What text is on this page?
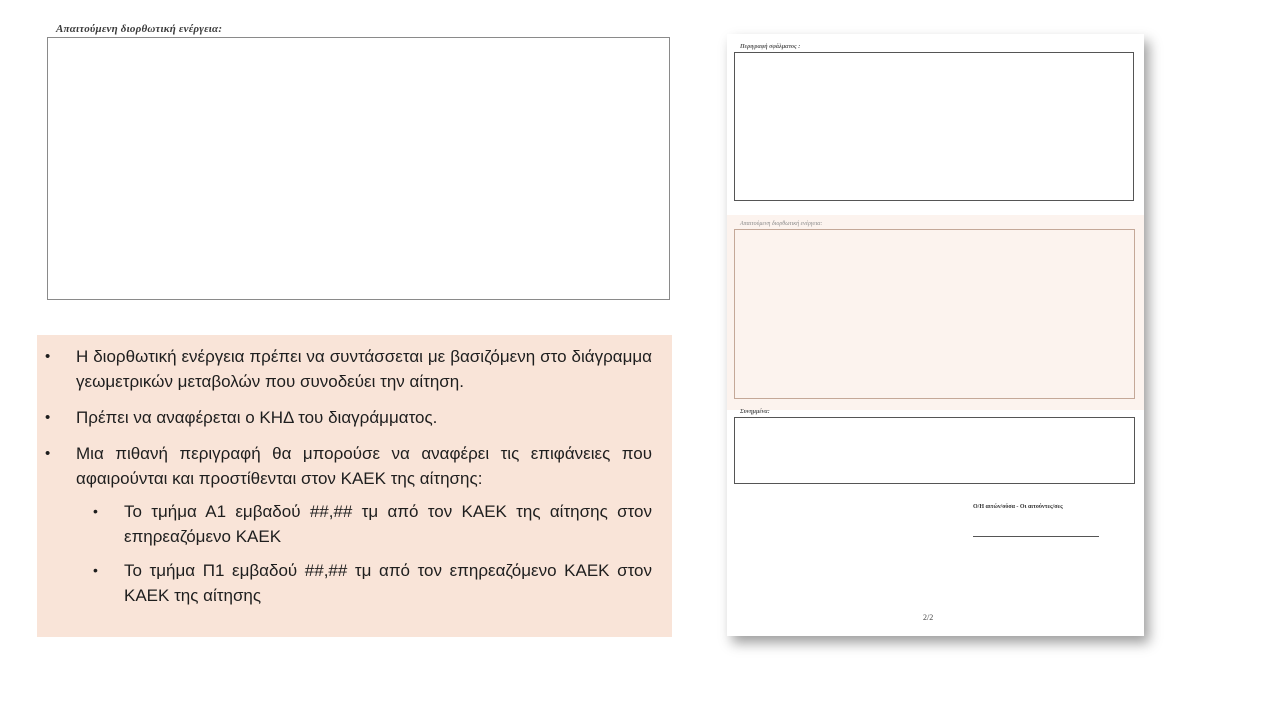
Απαιτούμενη διορθωτική ενέργεια:
• Η διορθωτική ενέργεια πρέπει να συντάσσεται με βασιζόμενη στο διάγραμμα γεωμετρικών μεταβολών που συνοδεύει την αίτηση.
• Πρέπει να αναφέρεται ο ΚΗΔ του διαγράμματος.
• Μια πιθανή περιγραφή θα μπορούσε να αναφέρει τις επιφάνειες που αφαιρούνται και προστίθενται στον ΚΑΕΚ της αίτησης:
• Το τμήμα Α1 εμβαδού ##,## τμ από τον ΚΑΕΚ της αίτησης στον επηρεαζόμενο ΚΑΕΚ
• Το τμήμα Π1 εμβαδού ##,## τμ από τον επηρεαζόμενο ΚΑΕΚ στον ΚΑΕΚ της αίτησης
Περιγραφή σφάλματος :
Απαιτούμενη διορθωτική ενέργεια:
Συνημμένα:
Ο/Η αιτών/ούσα - Οι αιτούντες/σες
2/2
